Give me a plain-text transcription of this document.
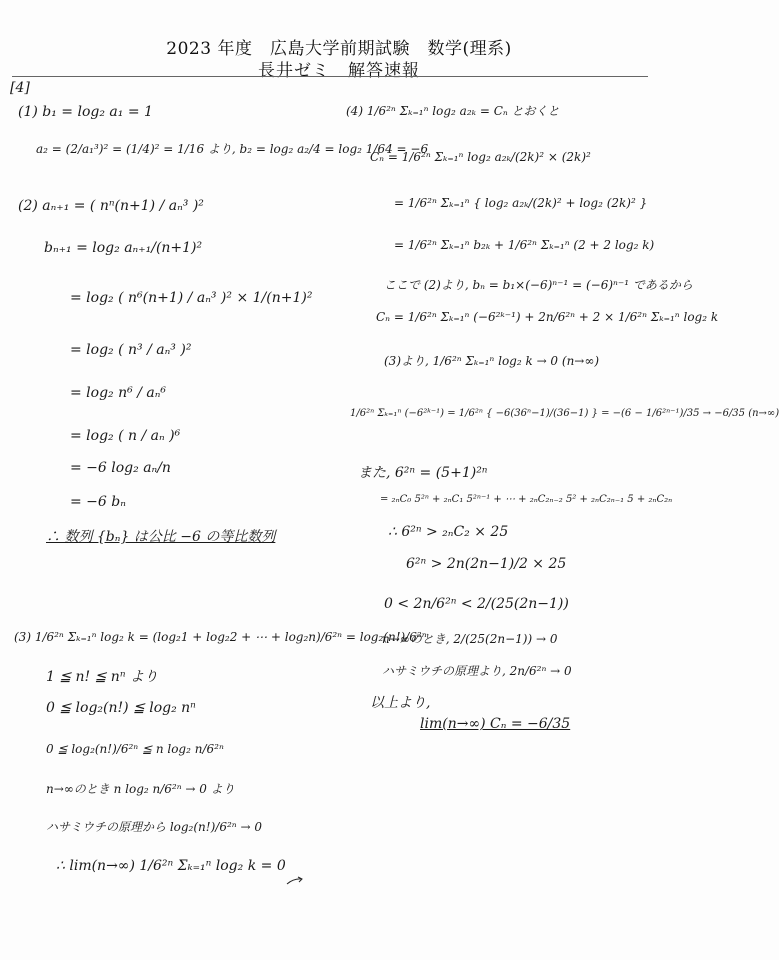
2023 年度　広島大学前期試験　数学(理系)
長井ゼミ　解答速報
[4]
(1) b₁ = log₂ a₁ = 1
a₂ = (2/a₁³)² = (1/4)² = 1/16 より, b₂ = log₂ a₂/4 = log₂ 1/64 = −6
(2) aₙ₊₁ = ( nⁿ(n+1) / aₙ³ )²
bₙ₊₁ = log₂ aₙ₊₁/(n+1)²
= log₂ ( n⁶(n+1) / aₙ³ )² × 1/(n+1)²
= log₂ ( n³ / aₙ³ )²
= log₂ n⁶ / aₙ⁶
= log₂ ( n / aₙ )⁶
= −6 log₂ aₙ/n
= −6 bₙ
∴ 数列 {bₙ} は公比 −6 の等比数列
(3) 1/6²ⁿ Σₖ₌₁ⁿ log₂ k = (log₂1 + log₂2 + ⋯ + log₂n)/6²ⁿ = log₂(n!)/6²ⁿ
1 ≦ n! ≦ nⁿ より
0 ≦ log₂(n!) ≦ log₂ nⁿ
0 ≦ log₂(n!)/6²ⁿ ≦ n log₂ n/6²ⁿ
n→∞のとき n log₂ n/6²ⁿ → 0 より
ハサミウチの原理から log₂(n!)/6²ⁿ → 0
∴ lim(n→∞) 1/6²ⁿ Σₖ₌₁ⁿ log₂ k = 0
(4) 1/6²ⁿ Σₖ₌₁ⁿ log₂ a₂ₖ = Cₙ とおくと
Cₙ = 1/6²ⁿ Σₖ₌₁ⁿ log₂ a₂ₖ/(2k)² × (2k)²
= 1/6²ⁿ Σₖ₌₁ⁿ { log₂ a₂ₖ/(2k)² + log₂ (2k)² }
= 1/6²ⁿ Σₖ₌₁ⁿ b₂ₖ + 1/6²ⁿ Σₖ₌₁ⁿ (2 + 2 log₂ k)
ここで (2)より, bₙ = b₁×(−6)ⁿ⁻¹ = (−6)ⁿ⁻¹ であるから
Cₙ = 1/6²ⁿ Σₖ₌₁ⁿ (−6²ᵏ⁻¹) + 2n/6²ⁿ + 2 × 1/6²ⁿ Σₖ₌₁ⁿ log₂ k
(3)より, 1/6²ⁿ Σₖ₌₁ⁿ log₂ k → 0 (n→∞)
1/6²ⁿ Σₖ₌₁ⁿ (−6²ᵏ⁻¹) = 1/6²ⁿ { −6(36ⁿ−1)/(36−1) } = −(6 − 1/6²ⁿ⁻¹)/35 → −6/35 (n→∞)
また, 6²ⁿ = (5+1)²ⁿ
= ₂ₙC₀ 5²ⁿ + ₂ₙC₁ 5²ⁿ⁻¹ + ⋯ + ₂ₙC₂ₙ₋₂ 5² + ₂ₙC₂ₙ₋₁ 5 + ₂ₙC₂ₙ
∴ 6²ⁿ > ₂ₙC₂ × 25
6²ⁿ > 2n(2n−1)/2 × 25
0 < 2n/6²ⁿ < 2/(25(2n−1))
n→∞のとき, 2/(25(2n−1)) → 0
ハサミウチの原理より, 2n/6²ⁿ → 0
以上より,
lim(n→∞) Cₙ = −6/35
